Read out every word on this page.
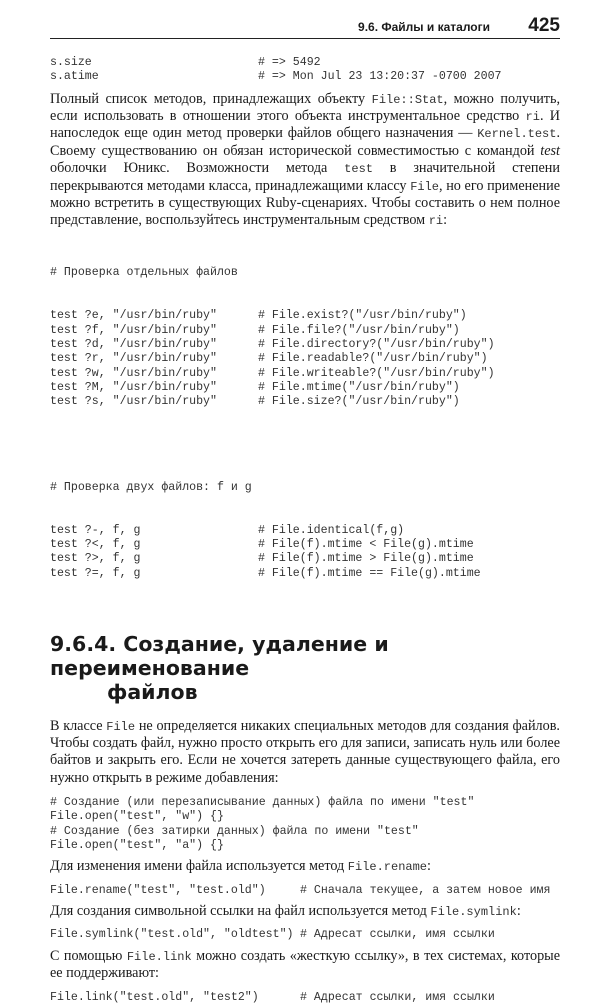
9.6. Файлы и каталоги 425
s.size	# => 5492
s.atime	# => Mon Jul 23 13:20:37 -0700 2007

Полный список методов, принадлежащих объекту File::Stat, можно получить, если использовать в отношении этого объекта инструментальное средство ri. И напоследок еще один метод проверки файлов общего назначения — Kernel.test. Своему существованию он обязан исторической совместимостью с командой test оболочки Юникс. Возможности метода test в значительной степени перекрываются методами класса, принадлежащими классу File, но его применение можно встретить в существующих Ruby-сценариях. Чтобы составить о нем полное представление, воспользуйтесь инструментальным средством ri:

# Проверка отдельных файлов

test ?e, "/usr/bin/ruby"	# File.exist?("/usr/bin/ruby")
test ?f, "/usr/bin/ruby"	# File.file?("/usr/bin/ruby")
test ?d, "/usr/bin/ruby"	# File.directory?("/usr/bin/ruby")
test ?r, "/usr/bin/ruby"	# File.readable?("/usr/bin/ruby")
test ?w, "/usr/bin/ruby"	# File.writeable?("/usr/bin/ruby")
test ?M, "/usr/bin/ruby"	# File.mtime("/usr/bin/ruby")
test ?s, "/usr/bin/ruby"	# File.size?("/usr/bin/ruby")

# Проверка двух файлов: f и g

test ?-, f, g	# File.identical(f,g)
test ?<, f, g	# File(f).mtime < File(g).mtime
test ?>, f, g	# File(f).mtime > File(g).mtime
test ?=, f, g	# File(f).mtime == File(g).mtime

9.6.4. Создание, удаление и переименование
файлов

В классе File не определяется никаких специальных методов для создания файлов. Чтобы создать файл, нужно просто открыть его для записи, записать нуль или более байтов и закрыть его. Если не хочется затереть данные существующего файла, его нужно открыть в режиме добавления:

# Создание (или перезаписывание данных) файла по имени "test"
File.open("test", "w") {}
# Создание (без затирки данных) файла по имени "test"
File.open("test", "a") {}

Для изменения имени файла используется метод File.rename:

File.rename("test", "test.old")	# Сначала текущее, а затем новое имя

Для создания символьной ссылки на файл используется метод File.symlink:

File.symlink("test.old", "oldtest") # Адресат ссылки, имя ссылки

С помощью File.link можно создать «жесткую ссылку», в тех системах, которые ее поддерживают:

File.link("test.old", "test2")	# Адресат ссылки, имя ссылки
